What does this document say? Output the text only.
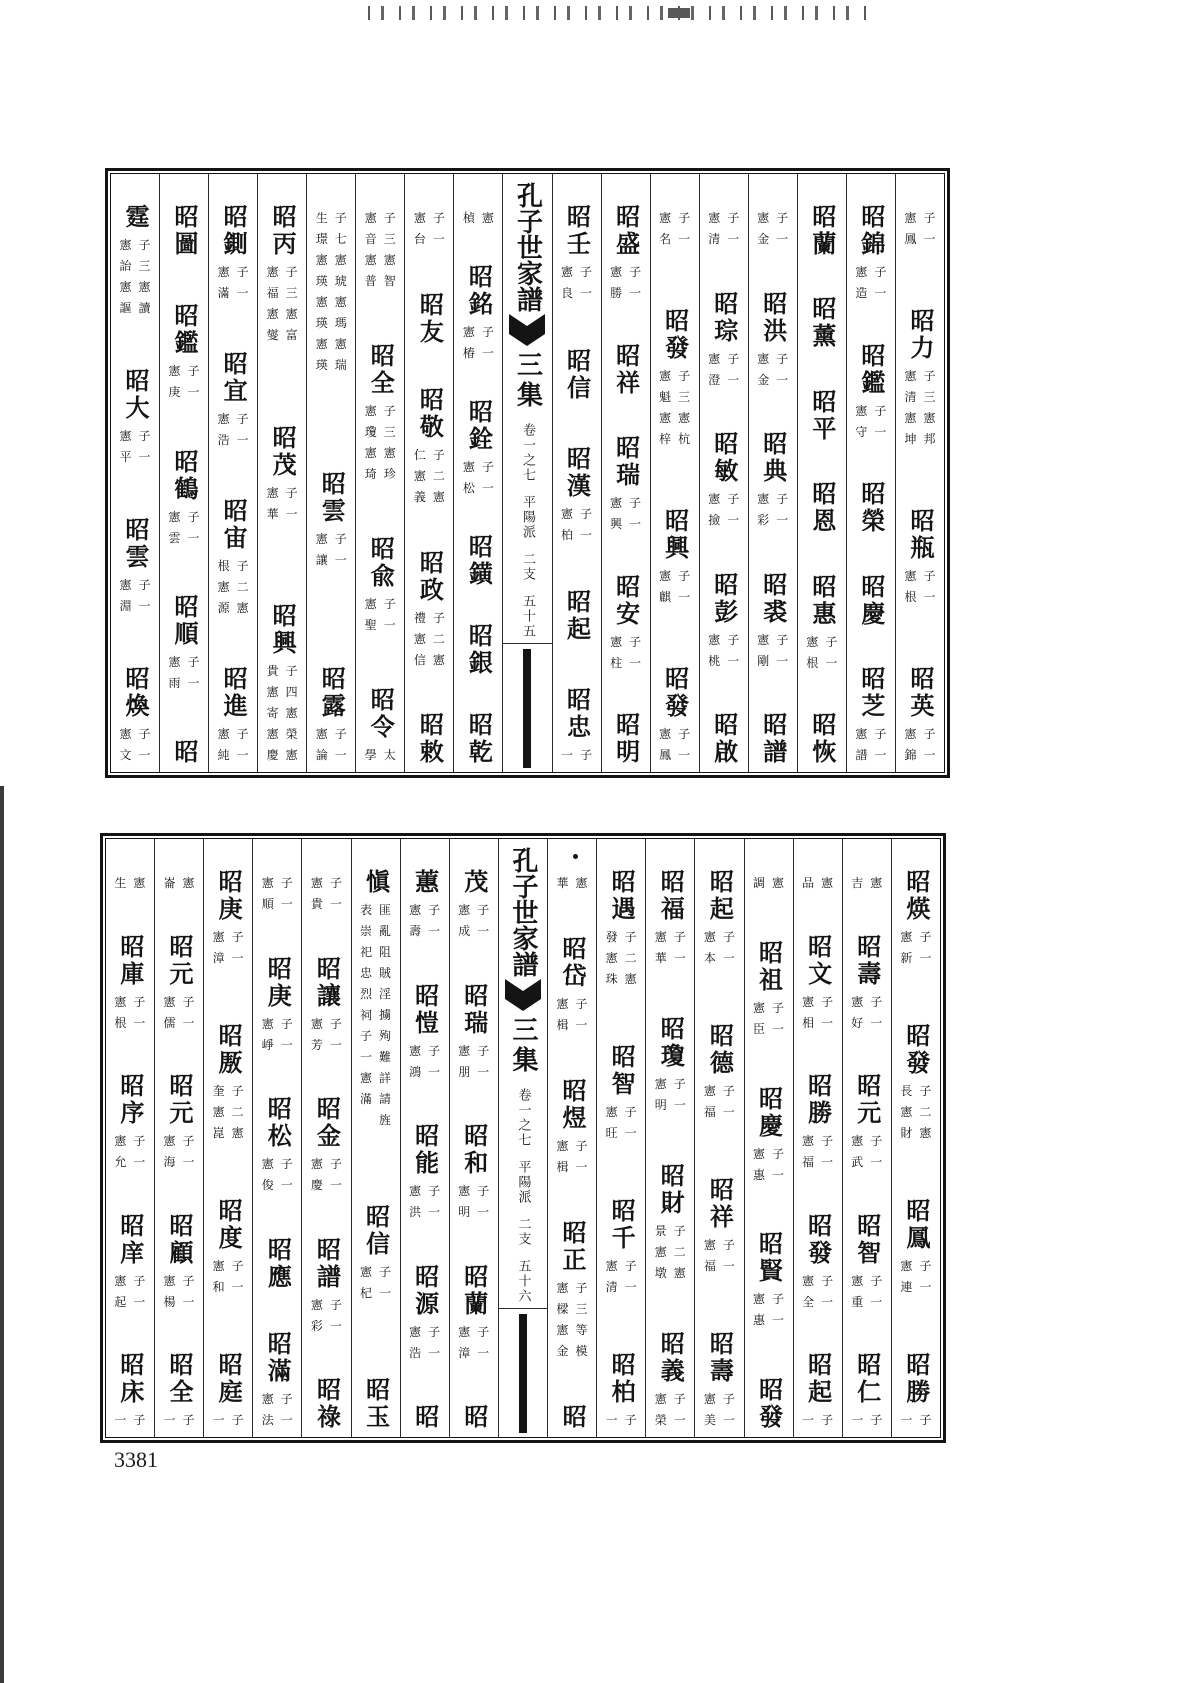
憲子
鳳一
昭力
憲子
清三
憲憲
坤邦
昭瓶
憲子
根一
昭英
憲子
錦一
昭錦
憲子
造一
昭鑑
憲子
守一
昭榮
昭慶
昭芝
憲子
譜一
昭蘭
昭薰
昭平
昭恩
昭惠
憲子
根一
昭恢
憲子
金一
昭洪
憲子
金一
昭典
憲子
彩一
昭裘
憲子
剛一
昭譜
憲子
清一
昭琮
憲子
澄一
昭敏
憲子
撿一
昭彭
憲子
桃一
昭啟
憲子
名一
昭發
憲子
魁三
憲憲
梓杭
昭興
憲子
麒一
昭發
憲子
鳳一
昭盛
憲子
勝一
昭祥
昭瑞
憲子
興一
昭安
憲子
柱一
昭明
昭壬
憲子
良一
昭信
昭漢
憲子
柏一
昭起
昭忠
一子
孔子世家譜
三集
卷一之七
平陽派
二支
五十五
楨憲
昭銘
憲子
椿一
昭銓
憲子
松一
昭鐄
昭銀
昭乾
憲子
台一
昭友
昭敬
仁子
憲二
義憲
昭政
禮子
憲二
信憲
昭敕
憲子
音三
憲憲
普智
昭全
憲子
瓊三
憲憲
琦珍
昭兪
憲子
聖一
昭令
學太
生子
璟七
憲憲
瑛琥
憲憲
瑛瑪
憲憲
瑛瑞
昭雲
憲子
讓一
昭露
憲子
論一
昭丙
憲子
福三
憲憲
燮富
昭茂
憲子
華一
昭興
貴子
憲四
寄憲
憲榮
慶憲
昭鍘
憲子
滿一
昭宜
憲子
浩一
昭宙
根子
憲二
源憲
昭進
憲子
純一
昭圖
昭鑑
憲子
庚一
昭鶴
憲子
雲一
昭順
憲子
雨一
昭
霆
憲子
詒三
憲憲
謳讀
昭大
憲子
平一
昭雲
憲子
淵一
昭煥
憲子
文一
昭煐
憲子
新一
昭發
長子
憲二
財憲
昭鳳
憲子
連一
昭勝
一子
吉憲
昭壽
憲子
好一
昭元
憲子
武一
昭智
憲子
重一
昭仁
一子
品憲
昭文
憲子
相一
昭勝
憲子
福一
昭發
憲子
全一
昭起
一子
調憲
昭祖
憲子
臣一
昭慶
憲子
惠一
昭賢
憲子
惠一
昭發
昭起
憲子
本一
昭德
憲子
福一
昭祥
憲子
福一
昭壽
憲子
美一
昭福
憲子
華一
昭瓊
憲子
明一
昭財
景子
憲二
墩憲
昭義
憲子
榮一
昭遇
發子
憲二
珠憲
昭智
憲子
旺一
昭千
憲子
清一
昭柏
一子
華憲
昭岱
憲子
楫一
昭煜
憲子
楫一
昭正
憲子
樑三
憲等
金模
昭
孔子世家譜
三集
卷一之七
平陽派
二支
五十六
茂
憲子
成一
昭瑞
憲子
朋一
昭和
憲子
明一
昭蘭
憲子
漳一
昭
蕙
憲子
壽一
昭愷
憲子
鴻一
昭能
憲子
洪一
昭源
憲子
浩一
昭
愼
表匪
崇亂
祀阻
忠賊
烈淫
祠擄
子殉
一難
憲詳
滿請
　旌
昭信
憲子
杞一
昭玉
憲子
貴一
昭讓
憲子
芳一
昭金
憲子
慶一
昭譜
憲子
彩一
昭祿
憲子
順一
昭庚
憲子
崢一
昭松
憲子
俊一
昭應
昭滿
憲子
法一
昭庚
憲子
漳一
昭厫
奎子
憲二
崑憲
昭度
憲子
和一
昭庭
一子
崙憲
昭元
憲子
儒一
昭元
憲子
海一
昭顧
憲子
楊一
昭全
一子
生憲
昭庫
憲子
根一
昭序
憲子
允一
昭庠
憲子
起一
昭床
一子
3381
